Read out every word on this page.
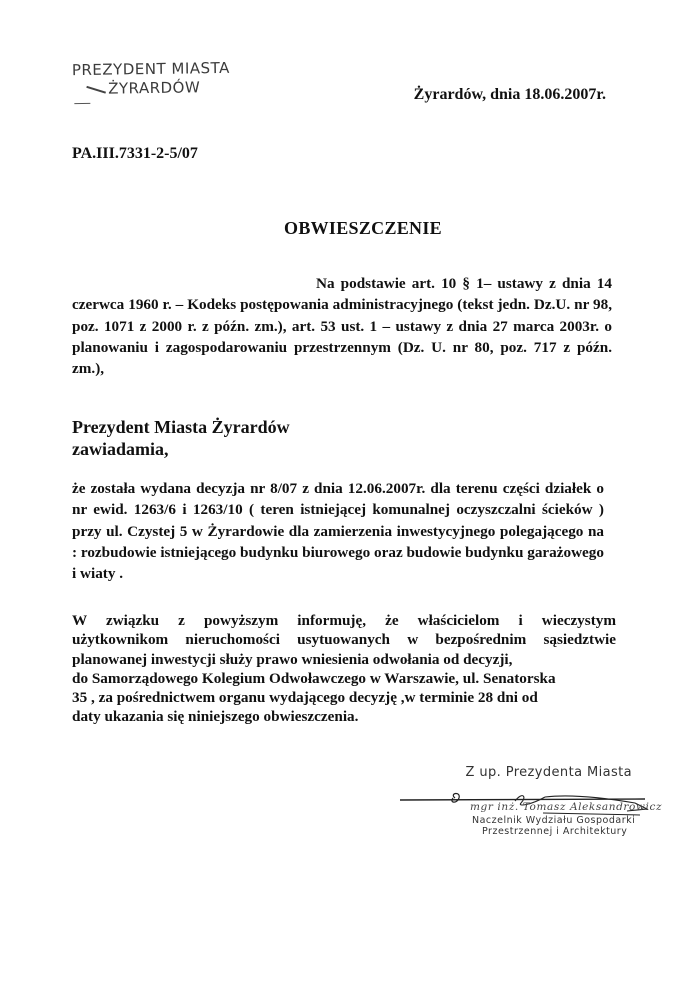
PREZYDENT MIASTA
ŻYRARDÓW	Żyrardów, dnia 18.06.2007r.
PA.III.7331-2-5/07
OBWIESZCZENIE
Na podstawie art. 10 § 1– ustawy z dnia 14 czerwca 1960 r. – Kodeks postępowania administracyjnego (tekst jedn. Dz.U. nr 98, poz. 1071 z 2000 r. z późn. zm.), art. 53 ust. 1 – ustawy z dnia 27 marca 2003r. o planowaniu i zagospodarowaniu przestrzennym (Dz. U. nr 80, poz. 717 z późn. zm.),
Prezydent Miasta Żyrardów
zawiadamia,
że została wydana decyzja nr 8/07 z dnia 12.06.2007r. dla terenu części działek o nr ewid. 1263/6 i 1263/10 ( teren istniejącej komunalnej oczyszczalni ścieków ) przy ul. Czystej 5 w Żyrardowie dla zamierzenia inwestycyjnego polegającego na : rozbudowie istniejącego budynku biurowego oraz budowie budynku garażowego i wiaty .
W związku z powyższym informuję, że właścicielom i wieczystym
użytkownikom nieruchomości usytuowanych w bezpośrednim sąsiedztwie
planowanej inwestycji służy prawo wniesienia odwołania od decyzji,
do Samorządowego Kolegium Odwoławczego w Warszawie, ul. Senatorska
35 , za pośrednictwem organu wydającego decyzję ,w terminie 28 dni od
daty ukazania się niniejszego obwieszczenia.
Z up. Prezydenta Miasta
mgr inż. Tomasz Aleksandrowicz
Naczelnik Wydziału Gospodarki
Przestrzennej i Architektury
